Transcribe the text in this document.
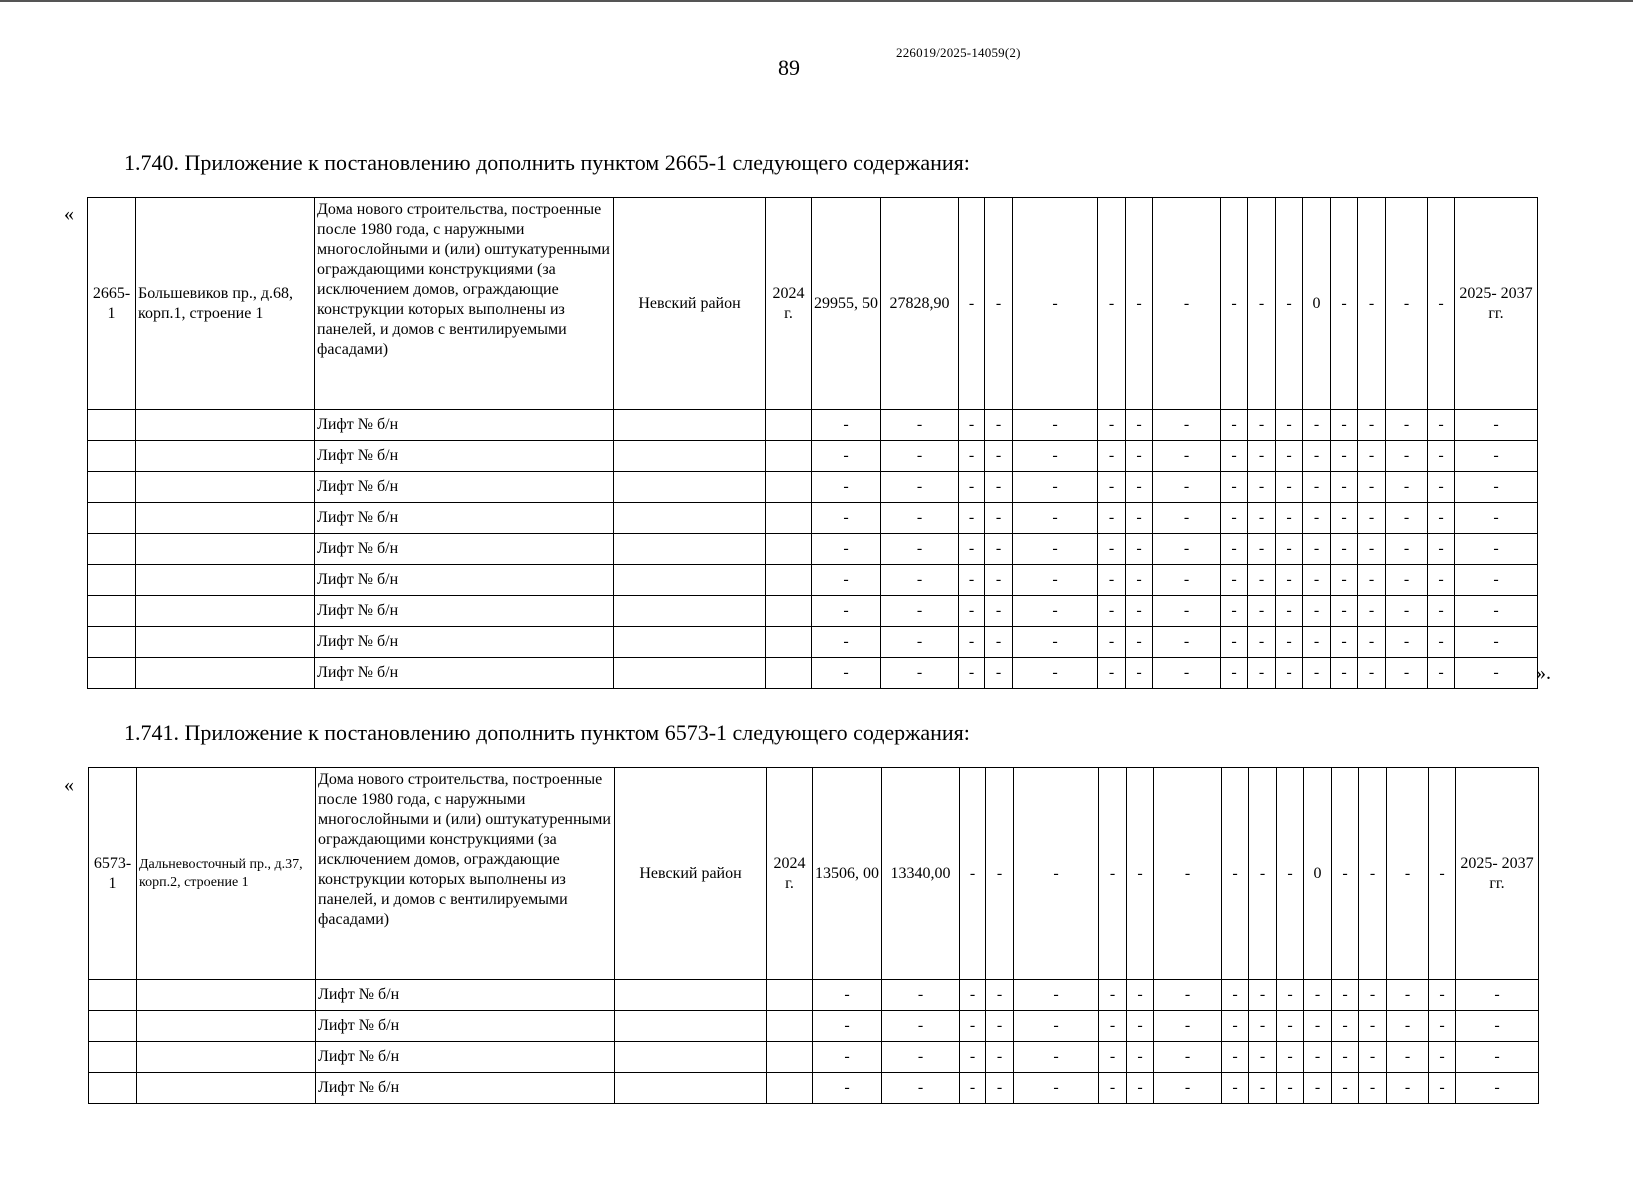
89
226019/2025-14059(2)
1.740. Приложение к постановлению дополнить пунктом 2665-1 следующего содержания:
«
2665-1	Большевиков пр., д.68, корп.1, строение 1	Дома нового строительства, построенные после 1980 года, с наружными многослойными и (или) оштукатуренными ограждающими конструкциями (за исключением домов, ограждающие конструкции которых выполнены из панелей, и домов с вентилируемыми фасадами)	Невский район	2024 г.	29955, 50	27828,90	-	-	-	-	-	-	-	-	-	0	-	-	-	-	2025- 2037 гг.
		Лифт № б/н			-	-	-	-	-	-	-	-	-	-	-	-	-	-	-	-	-
		Лифт № б/н			-	-	-	-	-	-	-	-	-	-	-	-	-	-	-	-	-
		Лифт № б/н			-	-	-	-	-	-	-	-	-	-	-	-	-	-	-	-	-
		Лифт № б/н			-	-	-	-	-	-	-	-	-	-	-	-	-	-	-	-	-
		Лифт № б/н			-	-	-	-	-	-	-	-	-	-	-	-	-	-	-	-	-
		Лифт № б/н			-	-	-	-	-	-	-	-	-	-	-	-	-	-	-	-	-
		Лифт № б/н			-	-	-	-	-	-	-	-	-	-	-	-	-	-	-	-	-
		Лифт № б/н			-	-	-	-	-	-	-	-	-	-	-	-	-	-	-	-	-
		Лифт № б/н			-	-	-	-	-	-	-	-	-	-	-	-	-	-	-	-	- ».
1.741. Приложение к постановлению дополнить пунктом 6573-1 следующего содержания:
«
6573-1	Дальневосточный пр., д.37, корп.2, строение 1	Дома нового строительства, построенные после 1980 года, с наружными многослойными и (или) оштукатуренными ограждающими конструкциями (за исключением домов, ограждающие конструкции которых выполнены из панелей, и домов с вентилируемыми фасадами)	Невский район	2024 г.	13506, 00	13340,00	-	-	-	-	-	-	-	-	-	0	-	-	-	-	2025- 2037 гг.
		Лифт № б/н			-	-	-	-	-	-	-	-	-	-	-	-	-	-	-	-	-
		Лифт № б/н			-	-	-	-	-	-	-	-	-	-	-	-	-	-	-	-	-
		Лифт № б/н			-	-	-	-	-	-	-	-	-	-	-	-	-	-	-	-	-
		Лифт № б/н			-	-	-	-	-	-	-	-	-	-	-	-	-	-	-	-	-
